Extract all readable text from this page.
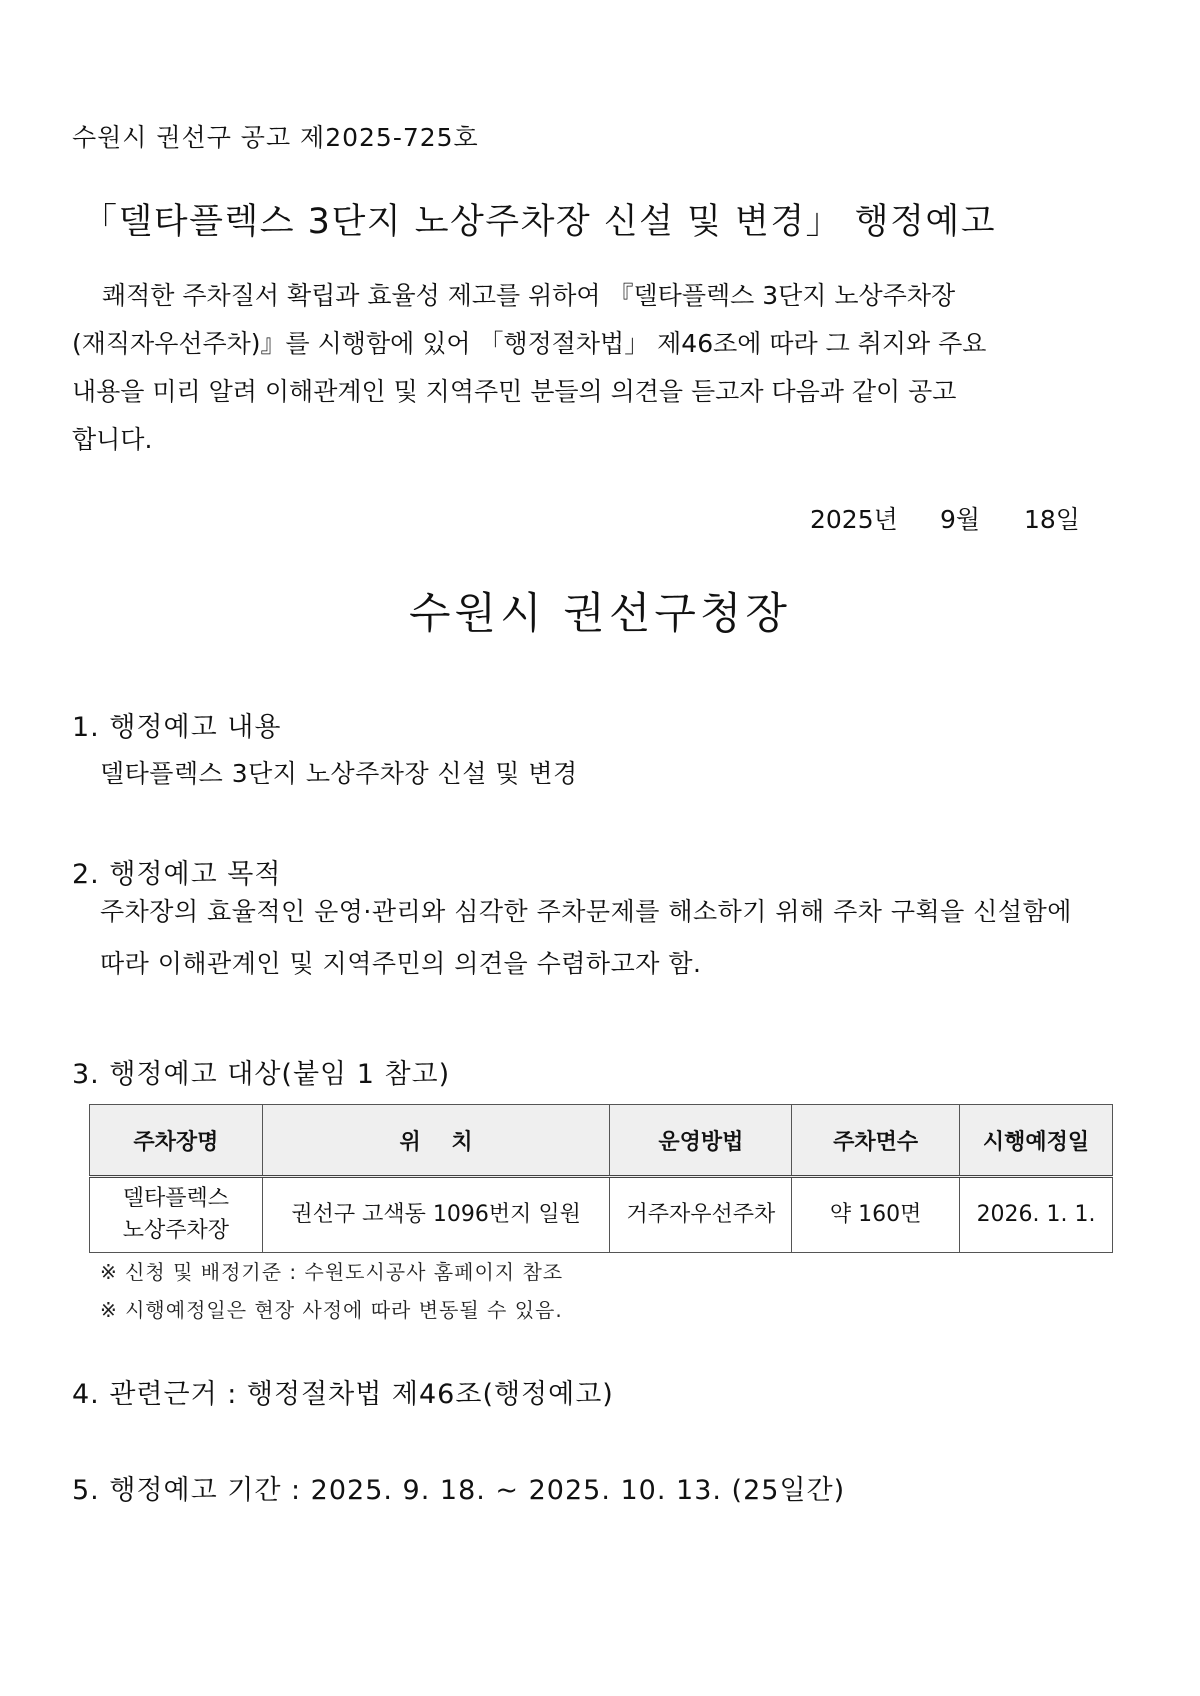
수원시 권선구 공고 제2025-725호
「델타플렉스 3단지 노상주차장 신설 및 변경」 행정예고
쾌적한 주차질서 확립과 효율성 제고를 위하여 『델타플렉스 3단지 노상주차장
(재직자우선주차)』를 시행함에 있어 「행정절차법」 제46조에 따라 그 취지와 주요
내용을 미리 알려 이해관계인 및 지역주민 분들의 의견을 듣고자 다음과 같이 공고
합니다.
2025년 9월 18일
수원시 권선구청장
1. 행정예고 내용
델타플렉스 3단지 노상주차장 신설 및 변경
2. 행정예고 목적
주차장의 효율적인 운영·관리와 심각한 주차문제를 해소하기 위해 주차 구획을 신설함에
따라 이해관계인 및 지역주민의 의견을 수렴하고자 함.
3. 행정예고 대상(붙임 1 참고)
주차장명	위    치	운영방법	주차면수	시행예정일

델타플렉스
노상주차장	권선구 고색동 1096번지 일원	거주자우선주차	약 160면	2026. 1. 1.
※ 신청 및 배정기준 : 수원도시공사 홈페이지 참조
※ 시행예정일은 현장 사정에 따라 변동될 수 있음.
4. 관련근거 : 행정절차법 제46조(행정예고)
5. 행정예고 기간 : 2025. 9. 18. ~ 2025. 10. 13. (25일간)
